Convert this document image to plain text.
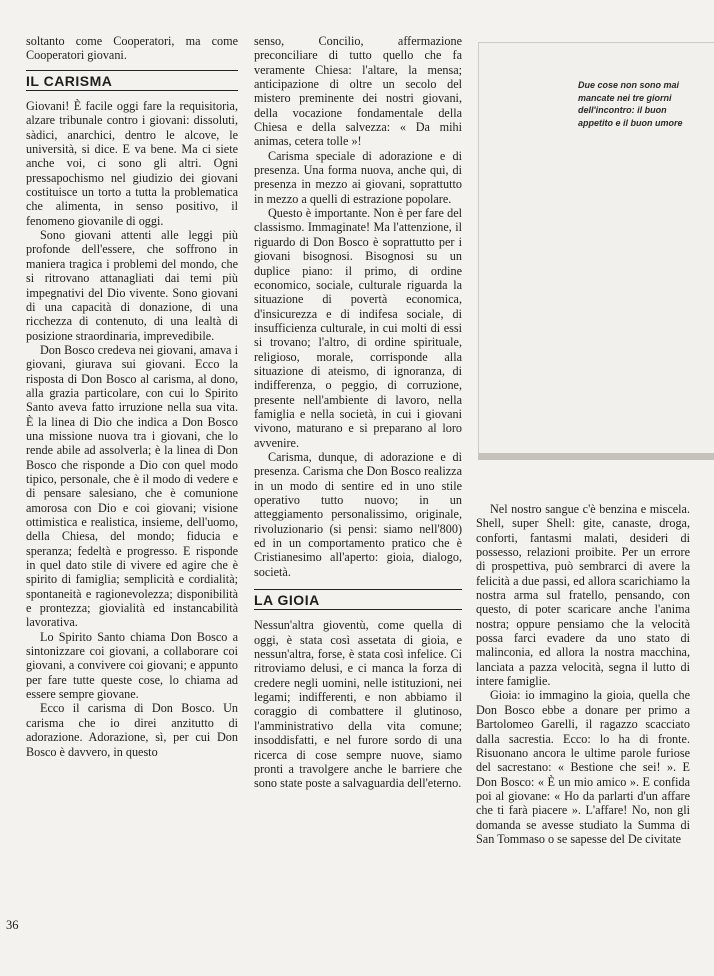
soltanto come Cooperatori, ma come Cooperatori giovani.

IL CARISMA

Giovani! È facile oggi fare la requisitoria, alzare tribunale contro i giovani: dissoluti, sàdici, anarchici, dentro le alcove, le università, si dice. E va bene. Ma ci siete anche voi, ci sono gli altri. Ogni pressapochismo nel giudizio dei giovani costituisce un torto a tutta la problematica che alimenta, in senso positivo, il fenomeno giovanile di oggi.

Sono giovani attenti alle leggi più profonde dell'essere, che soffrono in maniera tragica i problemi del mondo, che si ritrovano attanagliati dai temi più impegnativi del Dio vivente. Sono giovani di una capacità di donazione, di una ricchezza di contenuto, di una lealtà di posizione straordinaria, imprevedibile.

Don Bosco credeva nei giovani, amava i giovani, giurava sui giovani. Ecco la risposta di Don Bosco al carisma, al dono, alla grazia particolare, con cui lo Spirito Santo aveva fatto irruzione nella sua vita. È la linea di Dio che indica a Don Bosco una missione nuova tra i giovani, che lo rende abile ad assolverla; è la linea di Don Bosco che risponde a Dio con quel modo tipico, personale, che è il modo di vedere e di pensare salesiano, che è comunione amorosa con Dio e coi giovani; visione ottimistica e realistica, insieme, dell'uomo, della Chiesa, del mondo; fiducia e speranza; fedeltà e progresso. E risponde in quel dato stile di vivere ed agire che è spirito di famiglia; semplicità e cordialità; spontaneità e ragionevolezza; disponibilità e prontezza; giovialità ed instancabilità lavorativa.

Lo Spirito Santo chiama Don Bosco a sintonizzare coi giovani, a collaborare coi giovani, a convivere coi giovani; e appunto per fare tutte queste cose, lo chiama ad essere sempre giovane.

Ecco il carisma di Don Bosco. Un carisma che io direi anzitutto di adorazione. Adorazione, sì, per cui Don Bosco è davvero, in questo

senso, Concilio, affermazione preconciliare di tutto quello che fa veramente Chiesa: l'altare, la mensa; anticipazione di oltre un secolo del mistero preminente dei nostri giovani, della vocazione fondamentale della Chiesa e della salvezza: « Da mihi animas, cetera tolle »!

Carisma speciale di adorazione e di presenza. Una forma nuova, anche qui, di presenza in mezzo ai giovani, soprattutto in mezzo a quelli di estrazione popolare.

Questo è importante. Non è per fare del classismo. Immaginate! Ma l'attenzione, il riguardo di Don Bosco è soprattutto per i giovani bisognosi. Bisognosi su un duplice piano: il primo, di ordine economico, sociale, culturale riguarda la situazione di povertà economica, d'insicurezza e di indifesa sociale, di insufficienza culturale, in cui molti di essi si trovano; l'altro, di ordine spirituale, religioso, morale, corrisponde alla situazione di ateismo, di ignoranza, di indifferenza, o peggio, di corruzione, presente nell'ambiente di lavoro, nella famiglia e nella società, in cui i giovani vivono, maturano e si preparano al loro avvenire.

Carisma, dunque, di adorazione e di presenza. Carisma che Don Bosco realizza in un modo di sentire ed in uno stile operativo tutto nuovo; in un atteggiamento personalissimo, originale, rivoluzionario (si pensi: siamo nell'800) ed in un comportamento pratico che è Cristianesimo all'aperto: gioia, dialogo, società.

LA GIOIA

Nessun'altra gioventù, come quella di oggi, è stata così assetata di gioia, e nessun'altra, forse, è stata così infelice. Ci ritroviamo delusi, e ci manca la forza di credere negli uomini, nelle istituzioni, nei legami; indifferenti, e non abbiamo il coraggio di combattere il glutinoso, l'amministrativo della vita comune; insoddisfatti, e nel furore sordo di una ricerca di cose sempre nuove, siamo pronti a travolgere anche le barriere che sono state poste a salvaguardia dell'eterno.

Due cose non sono mai mancate nei tre giorni dell'incontro: il buon appetito e il buon umore

Nel nostro sangue c'è benzina e miscela. Shell, super Shell: gite, canaste, droga, conforti, fantasmi malati, desideri di possesso, relazioni proibite. Per un errore di prospettiva, può sembrarci di avere la felicità a due passi, ed allora scarichiamo la nostra arma sul fratello, pensando, con questo, di poter scaricare anche l'anima nostra; oppure pensiamo che la velocità possa farci evadere da uno stato di malinconia, ed allora la nostra macchina, lanciata a pazza velocità, segna il lutto di intere famiglie.

Gioia: io immagino la gioia, quella che Don Bosco ebbe a donare per primo a Bartolomeo Garelli, il ragazzo scacciato dalla sacrestia. Ecco: lo ha di fronte. Risuonano ancora le ultime parole furiose del sacrestano: « Bestione che sei! ». E Don Bosco: « È un mio amico ». E confida poi al giovane: « Ho da parlarti d'un affare che ti farà piacere ». L'affare! No, non gli domanda se avesse studiato la Summa di San Tommaso o se sapesse del De civitate

36
